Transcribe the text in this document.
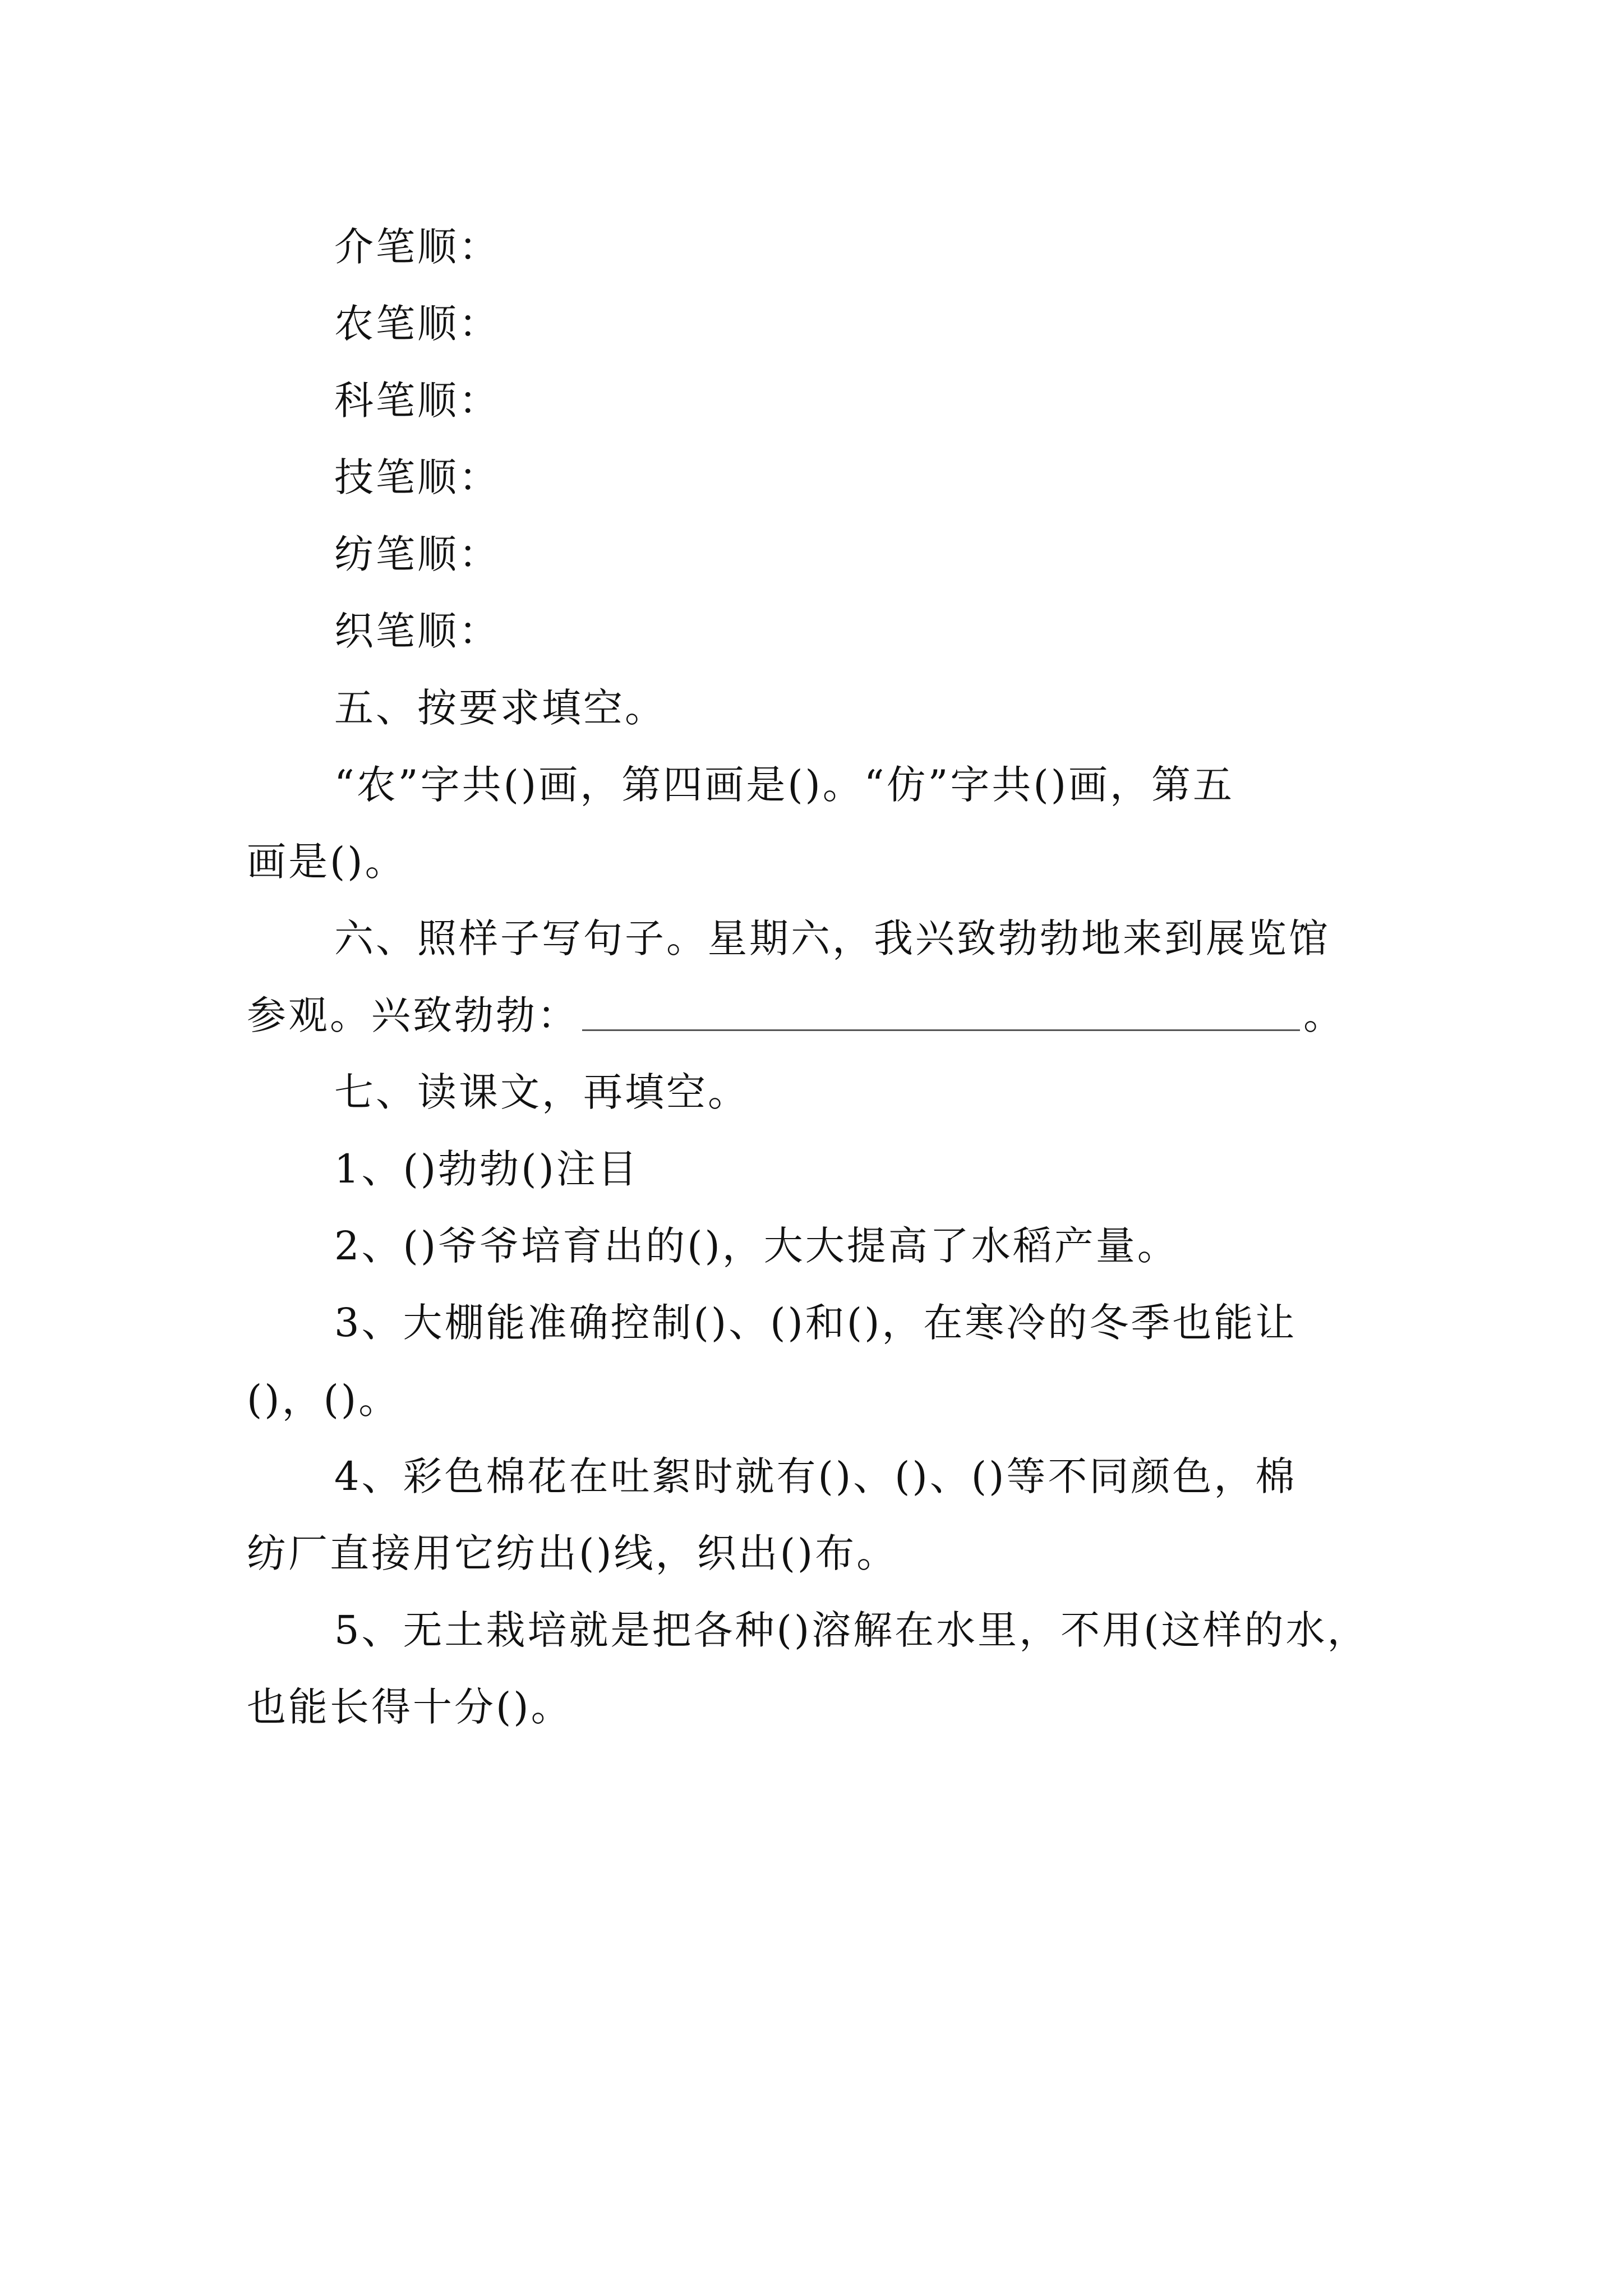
介笔顺：
农笔顺：
科笔顺：
技笔顺：
纺笔顺：
织笔顺：
五、按要求填空。
“农”字共()画，第四画是()。“仿”字共()画，第五
画是()。
六、照样子写句子。星期六，我兴致勃勃地来到展览馆
参观。兴致勃勃：	。
七、读课文，再填空。
1、()勃勃()注目
2、()爷爷培育出的()，大大提高了水稻产量。
3、大棚能准确控制()、()和()，在寒冷的冬季也能让
()，()。
4、彩色棉花在吐絮时就有()、()、()等不同颜色，棉
纺厂直接用它纺出()线，织出()布。
5、无土栽培就是把各种()溶解在水里，不用(这样的水，
也能长得十分()。
